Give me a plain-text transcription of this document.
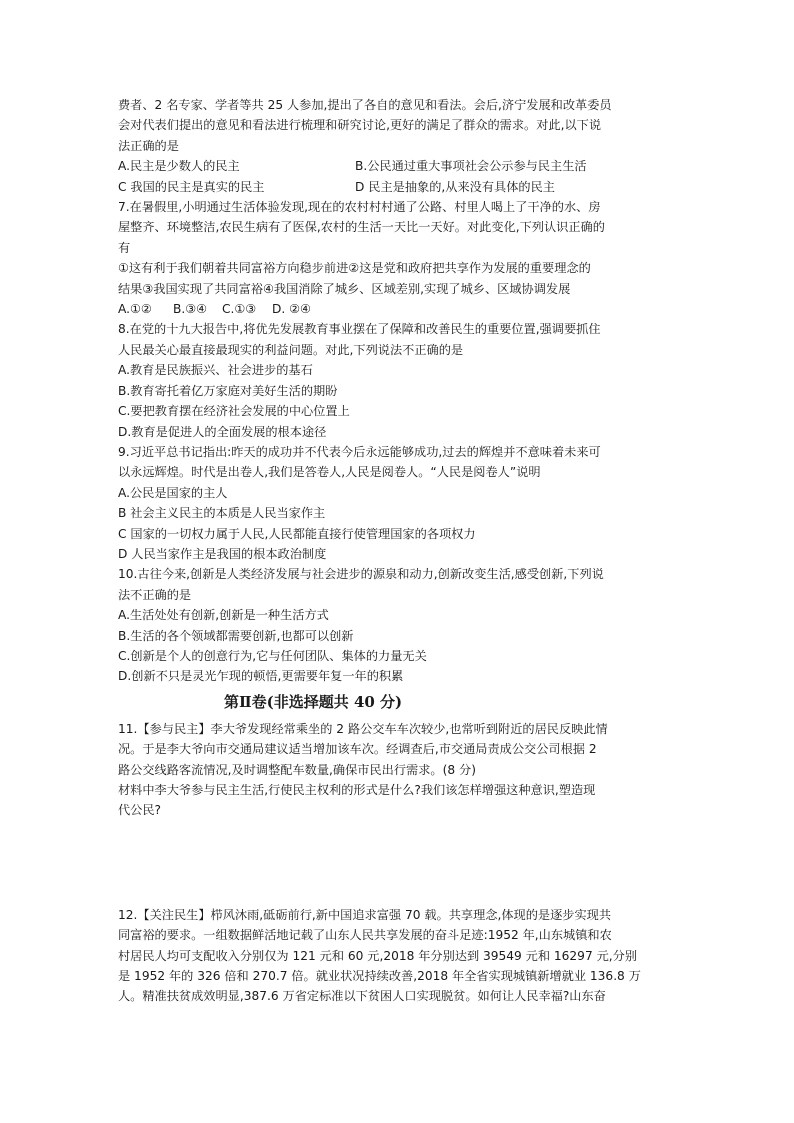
费者、2 名专家、学者等共 25 人参加,提出了各自的意见和看法。会后,济宁发展和改革委员
会对代表们提出的意见和看法进行梳理和研究讨论,更好的满足了群众的需求。对此,以下说
法正确的是
A.民主是少数人的民主	B.公民通过重大事项社会公示参与民主生活
C 我国的民主是真实的民主	D 民主是抽象的,从来没有具体的民主
7.在暑假里,小明通过生活体验发现,现在的农村村村通了公路、村里人喝上了干净的水、房
屋整齐、环境整洁,农民生病有了医保,农村的生活一天比一天好。对此变化,下列认识正确的
有
①这有利于我们朝着共同富裕方向稳步前进②这是党和政府把共享作为发展的重要理念的
结果③我国实现了共同富裕④我国消除了城乡、区域差别,实现了城乡、区域协调发展
A.①②	B.③④	C.①③	D. ②④
8.在党的十九大报告中,将优先发展教育事业摆在了保障和改善民生的重要位置,强调要抓住
人民最关心最直接最现实的利益问题。对此,下列说法不正确的是
A.教育是民族振兴、社会进步的基石
B.教育寄托着亿万家庭对美好生活的期盼
C.要把教育摆在经济社会发展的中心位置上
D.教育是促进人的全面发展的根本途径
9.习近平总书记指出:昨天的成功并不代表今后永远能够成功,过去的辉煌并不意味着未来可
以永远辉煌。时代是出卷人,我们是答卷人,人民是阅卷人。“人民是阅卷人”说明
A.公民是国家的主人
B 社会主义民主的本质是人民当家作主
C 国家的一切权力属于人民,人民都能直接行使管理国家的各项权力
D 人民当家作主是我国的根本政治制度
10.古往今来,创新是人类经济发展与社会进步的源泉和动力,创新改变生活,感受创新,下列说
法不正确的是
A.生活处处有创新,创新是一种生活方式
B.生活的各个领域都需要创新,也都可以创新
C.创新是个人的创意行为,它与任何团队、集体的力量无关
D.创新不只是灵光乍现的顿悟,更需要年复一年的积累
第Ⅱ卷(非选择题共 40 分)
11.【参与民主】李大爷发现经常乘坐的 2 路公交车车次较少,也常听到附近的居民反映此情
况。于是李大爷向市交通局建议适当增加该车次。经调查后,市交通局责成公交公司根据 2
路公交线路客流情况,及时调整配车数量,确保市民出行需求。(8 分)
材料中李大爷参与民主生活,行使民主权利的形式是什么?我们该怎样增强这种意识,塑造现
代公民?
12.【关注民生】栉风沐雨,砥砺前行,新中国追求富强 70 载。共享理念,体现的是逐步实现共
同富裕的要求。一组数据鲜活地记载了山东人民共享发展的奋斗足迹:1952 年,山东城镇和农
村居民人均可支配收入分别仅为 121 元和 60 元,2018 年分别达到 39549 元和 16297 元,分别
是 1952 年的 326 倍和 270.7 倍。就业状况持续改善,2018 年全省实现城镇新增就业 136.8 万
人。精准扶贫成效明显,387.6 万省定标准以下贫困人口实现脱贫。如何让人民幸福?山东奋
